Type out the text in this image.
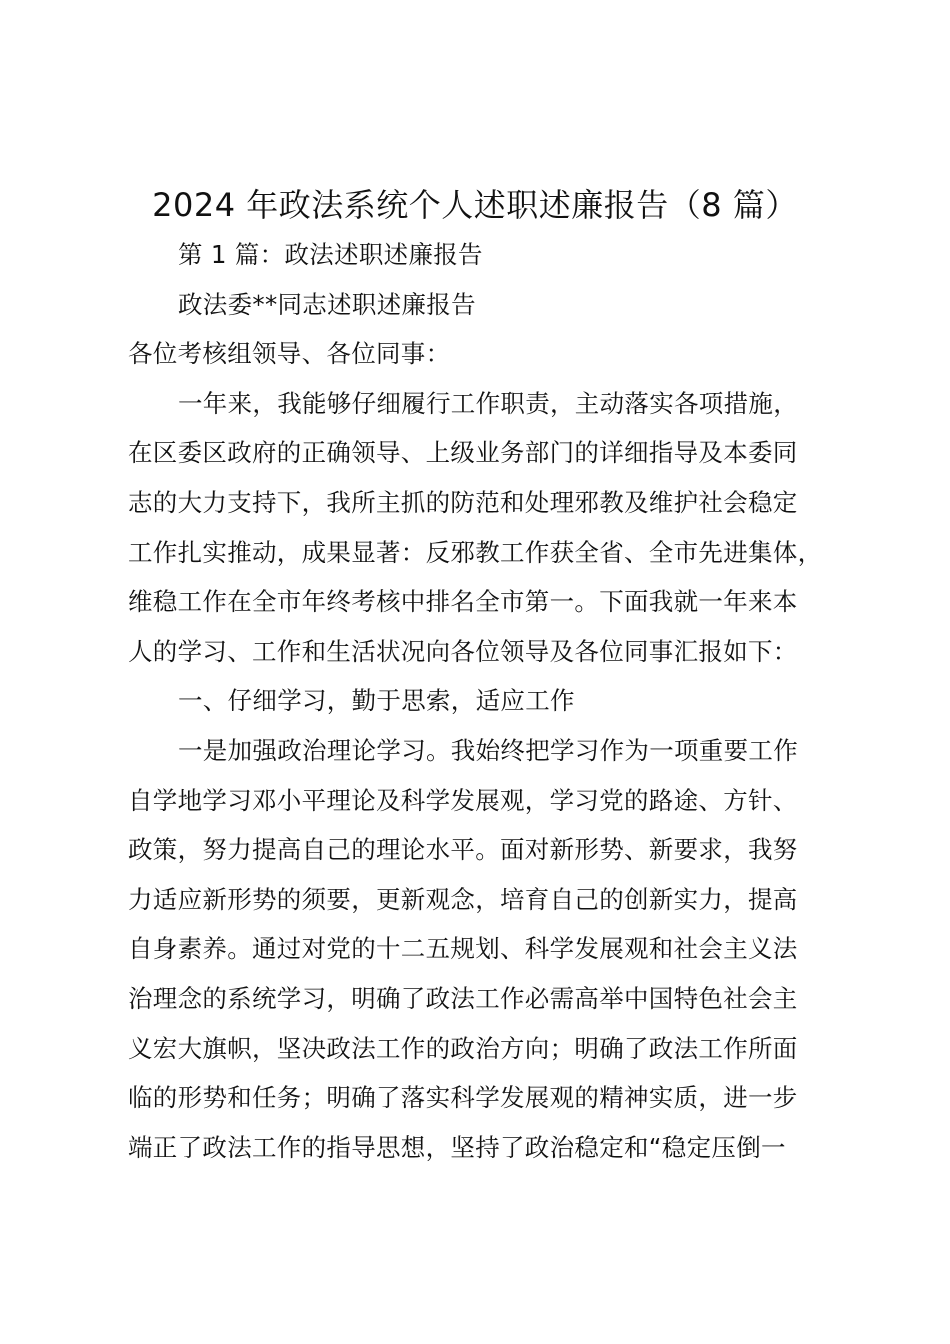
2024 年政法系统个人述职述廉报告（8 篇）
第 1 篇：政法述职述廉报告
政法委**同志述职述廉报告
各位考核组领导、各位同事：
一年来，我能够仔细履行工作职责，主动落实各项措施，
在区委区政府的正确领导、上级业务部门的详细指导及本委同
志的大力支持下，我所主抓的防范和处理邪教及维护社会稳定
工作扎实推动，成果显著：反邪教工作获全省、全市先进集体，
维稳工作在全市年终考核中排名全市第一。下面我就一年来本
人的学习、工作和生活状况向各位领导及各位同事汇报如下：
一、仔细学习，勤于思索，适应工作
一是加强政治理论学习。我始终把学习作为一项重要工作
自学地学习邓小平理论及科学发展观，学习党的路途、方针、
政策，努力提高自己的理论水平。面对新形势、新要求，我努
力适应新形势的须要，更新观念，培育自己的创新实力，提高
自身素养。通过对党的十二五规划、科学发展观和社会主义法
治理念的系统学习，明确了政法工作必需高举中国特色社会主
义宏大旗帜，坚决政法工作的政治方向；明确了政法工作所面
临的形势和任务；明确了落实科学发展观的精神实质，进一步
端正了政法工作的指导思想，坚持了政治稳定和“稳定压倒一
